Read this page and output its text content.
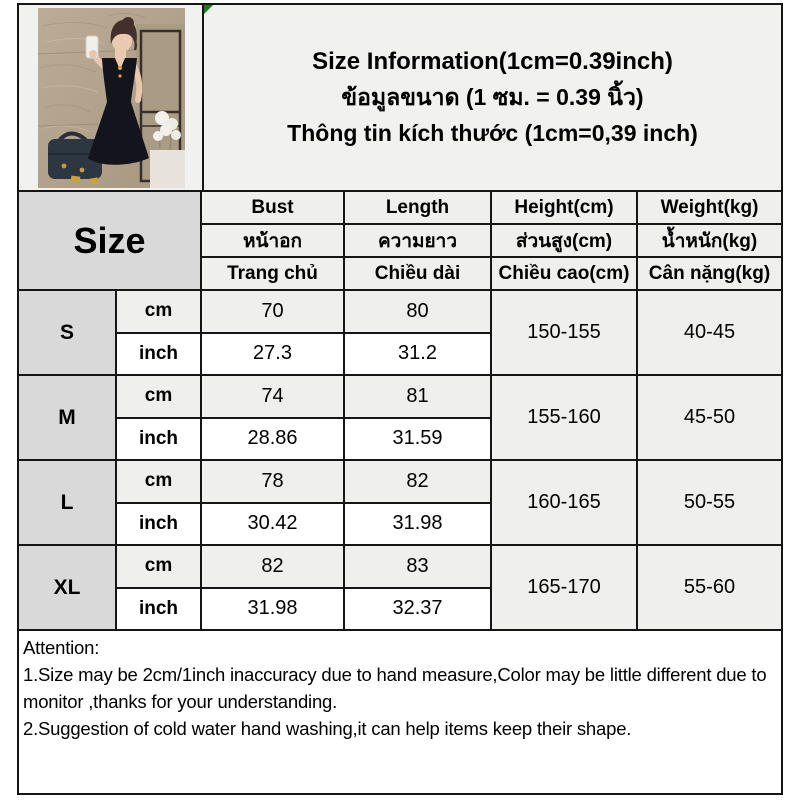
Size Information(1cm=0.39inch)
ข้อมูลขนาด (1 ซม. = 0.39 นิ้ว)
Thông tin kích thước (1cm=0,39 inch)
Size
Bust	Length	Height(cm)	Weight(kg)
หน้าอก	ความยาว	ส่วนสูง(cm)	น้ำหนัก(kg)
Trang chủ	Chiều dài	Chiều cao(cm)	Cân nặng(kg)
S
cm	70	80
inch	27.3	31.2
150-155	40-45
M
cm	74	81
inch	28.86	31.59
155-160	45-50
L
cm	78	82
inch	30.42	31.98
160-165	50-55
XL
cm	82	83
inch	31.98	32.37
165-170	55-60

Attention:

1.Size may be 2cm/1inch inaccuracy due to hand measure,Color may be little different due to monitor ,thanks for your understanding.

2.Suggestion of cold water hand washing,it can help items keep their shape.
